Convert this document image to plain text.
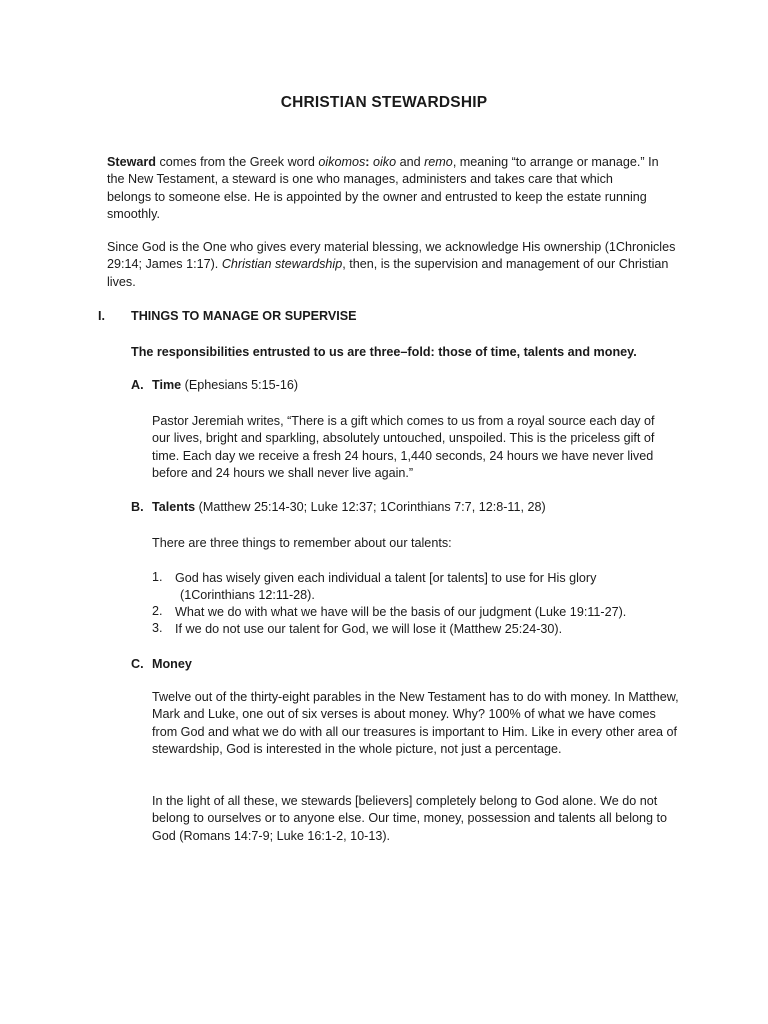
CHRISTIAN STEWARDSHIP
Steward comes from the Greek word oikomos: oiko and remo, meaning “to arrange or manage.” In the New Testament, a steward is one who manages, administers and takes care that which belongs to someone else. He is appointed by the owner and entrusted to keep the estate running smoothly.
Since God is the One who gives every material blessing, we acknowledge His ownership (1Chronicles 29:14; James 1:17). Christian stewardship, then, is the supervision and management of our Christian lives.
I. THINGS TO MANAGE OR SUPERVISE
The responsibilities entrusted to us are three–fold: those of time, talents and money.
A. Time (Ephesians 5:15-16)
Pastor Jeremiah writes, “There is a gift which comes to us from a royal source each day of our lives, bright and sparkling, absolutely untouched, unspoiled. This is the priceless gift of time. Each day we receive a fresh 24 hours, 1,440 seconds, 24 hours we have never lived before and 24 hours we shall never live again.”
B. Talents (Matthew 25:14-30; Luke 12:37; 1Corinthians 7:7, 12:8-11, 28)
There are three things to remember about our talents:
1. God has wisely given each individual a talent [or talents] to use for His glory
(1Corinthians 12:11-28).
2. What we do with what we have will be the basis of our judgment (Luke 19:11-27).
3. If we do not use our talent for God, we will lose it (Matthew 25:24-30).
C. Money
Twelve out of the thirty-eight parables in the New Testament has to do with money. In Matthew, Mark and Luke, one out of six verses is about money. Why? 100% of what we have comes from God and what we do with all our treasures is important to Him. Like in every other area of stewardship, God is interested in the whole picture, not just a percentage.
In the light of all these, we stewards [believers] completely belong to God alone. We do not belong to ourselves or to anyone else. Our time, money, possession and talents all belong to God (Romans 14:7-9; Luke 16:1-2, 10-13).
